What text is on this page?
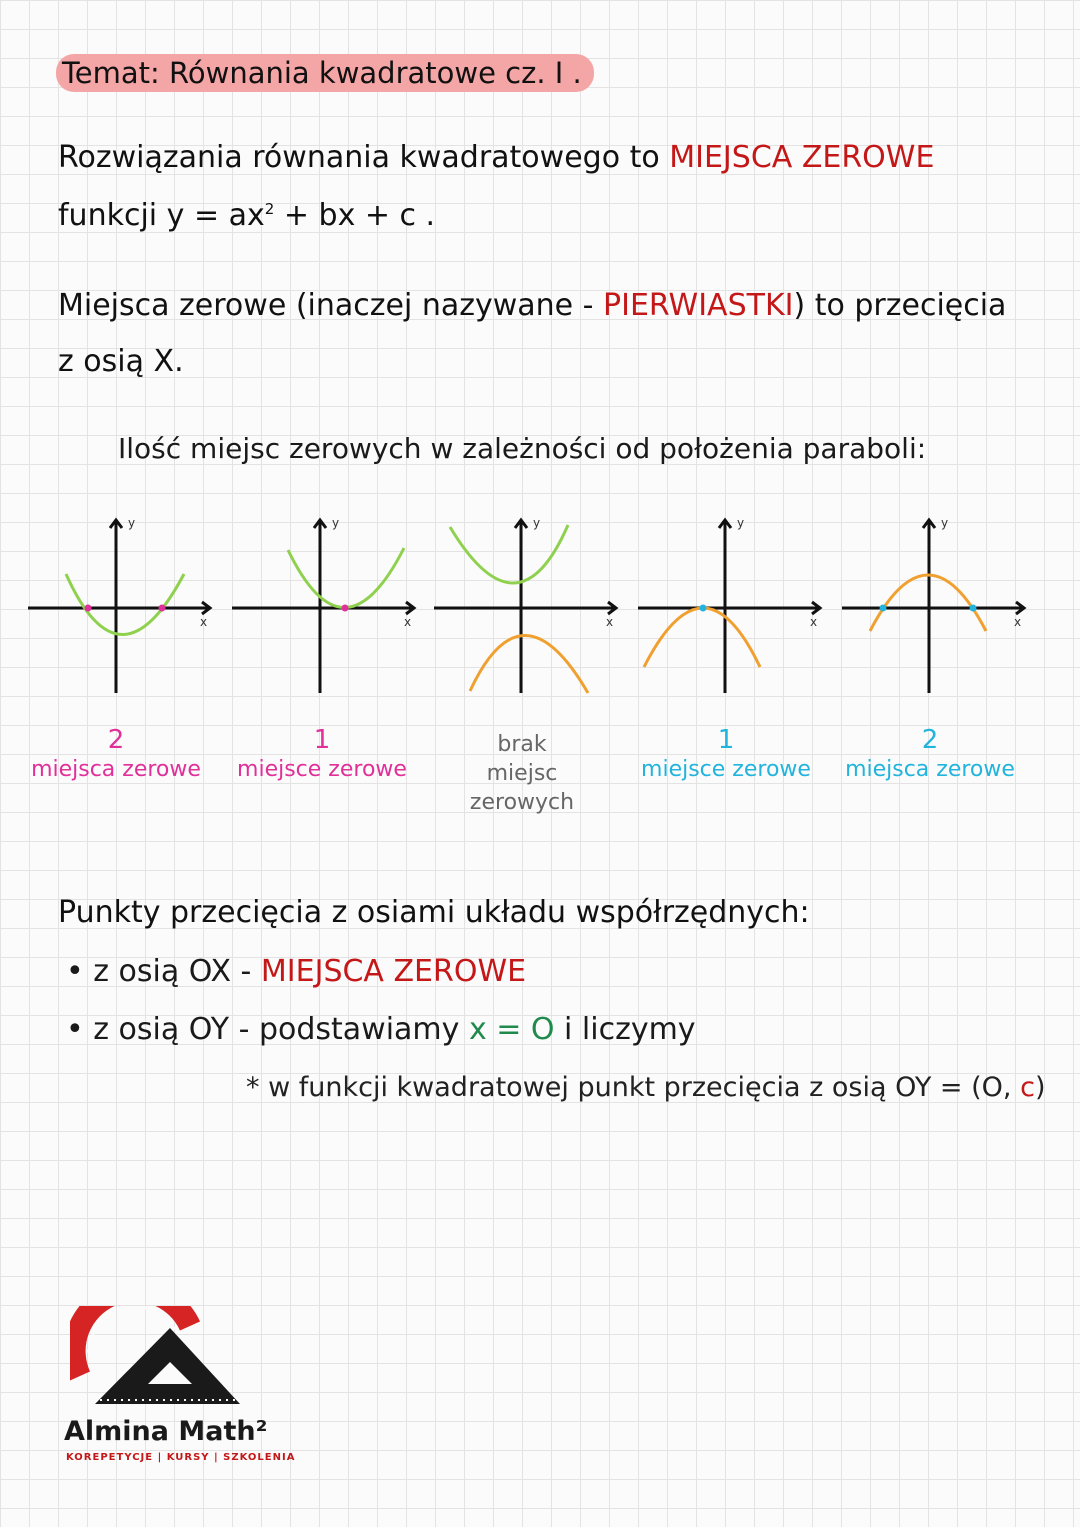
Temat: Równania kwadratowe cz. I .
Rozwiązania równania kwadratowego to MIEJSCA ZEROWE
funkcji $y = ax^2$ + bx + c .
Miejsca zerowe (inaczej nazywane - PIERWIASTKI) to przecięcia
z osią X.
Ilość miejsc zerowych w zależności od położenia paraboli:
y
x
y
x
y
x
y
x
y
x
2
miejsca zerowe
1
miejsce zerowe
brak
miejsc
zerowych
1
miejsce zerowe
2
miejsca zerowe
Punkty przecięcia z osiami układu współrzędnych:
• z osią OX - MIEJSCA ZEROWE
• z osią OY - podstawiamy x = O i liczymy
* w funkcji kwadratowej punkt przecięcia z osią OY = (O, c)
Almina Math²
KOREPETYCJE | KURSY | SZKOLENIA
